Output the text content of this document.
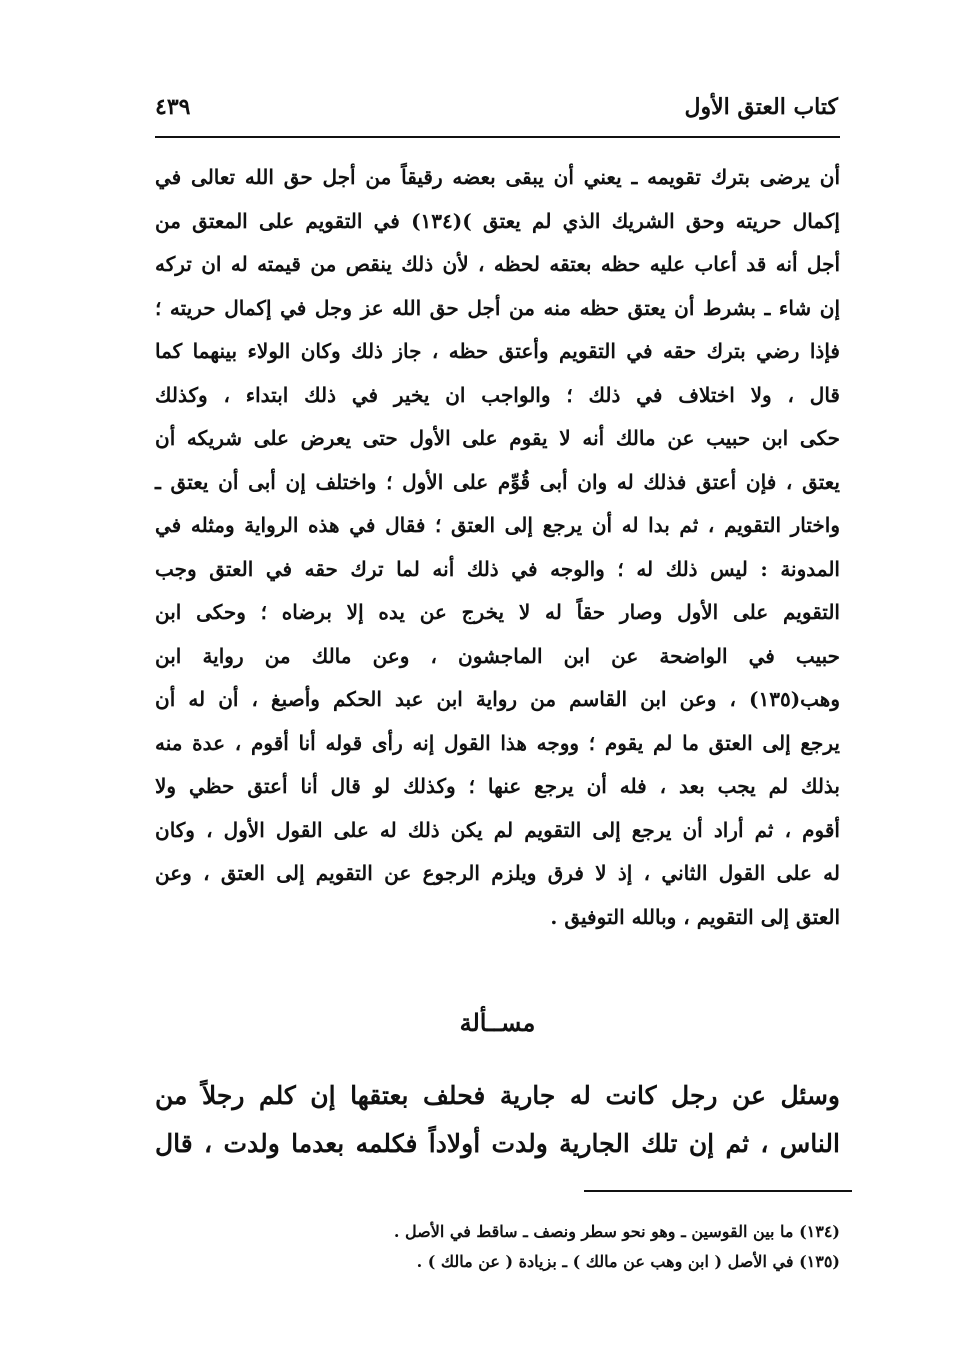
كتاب العتق الأول
٤٣٩
أن يرضى بترك تقويمه ـ يعني أن يبقى بعضه رقيقاً من أجل حق الله تعالى في
إكمال حريته وحق الشريك الذي لم يعتق )(١٣٤) في التقويم على المعتق من
أجل أنه قد أعاب عليه حظه بعتقه لحظه ، لأن ذلك ينقص من قيمته له ان تركه
إن شاء ـ بشرط أن يعتق حظه منه من أجل حق الله عز وجل في إكمال حريته ؛
فإذا رضي بترك حقه في التقويم وأعتق حظه ، جاز ذلك وكان الولاء بينهما كما
قال ، ولا اختلاف في ذلك ؛ والواجب ان يخير في ذلك ابتداء ، وكذلك
حكى ابن حبيب عن مالك أنه لا يقوم على الأول حتى يعرض على شريكه أن
يعتق ، فإن أعتق فذلك له وان أبى قُوِّم على الأول ؛ واختلف إن أبى أن يعتق ـ
واختار التقويم ، ثم بدا له أن يرجع إلى العتق ؛ فقال في هذه الرواية ومثله في
المدونة : ليس ذلك له ؛ والوجه في ذلك أنه لما ترك حقه في العتق وجب
التقويم على الأول وصار حقاً له لا يخرج عن يده إلا برضاه ؛ وحكى ابن
حبيب في الواضحة عن ابن الماجشون ، وعن مالك من رواية ابن
وهب(١٣٥) ، وعن ابن القاسم من رواية ابن عبد الحكم وأصبغ ، أن له أن
يرجع إلى العتق ما لم يقوم ؛ ووجه هذا القول إنه رأى قوله أنا أقوم ، عدة منه
بذلك لم يجب بعد ، فله أن يرجع عنها ؛ وكذلك لو قال أنا أعتق حظي ولا
أقوم ، ثم أراد أن يرجع إلى التقويم لم يكن ذلك له على القول الأول ، وكان
له على القول الثاني ، إذ لا فرق ويلزم الرجوع عن التقويم إلى العتق ، وعن
العتق إلى التقويم ، وبالله التوفيق .
مســألة
وسئل عن رجل كانت له جارية فحلف بعتقها إن كلم رجلاً من
الناس ، ثم إن تلك الجارية ولدت أولاداً فكلمه بعدما ولدت ، قال
(١٣٤) ما بين القوسين ـ وهو نحو سطر ونصف ـ ساقط في الأصل .
(١٣٥) في الأصل ( ابن وهب عن مالك ) ـ بزيادة ( عن مالك ) .
